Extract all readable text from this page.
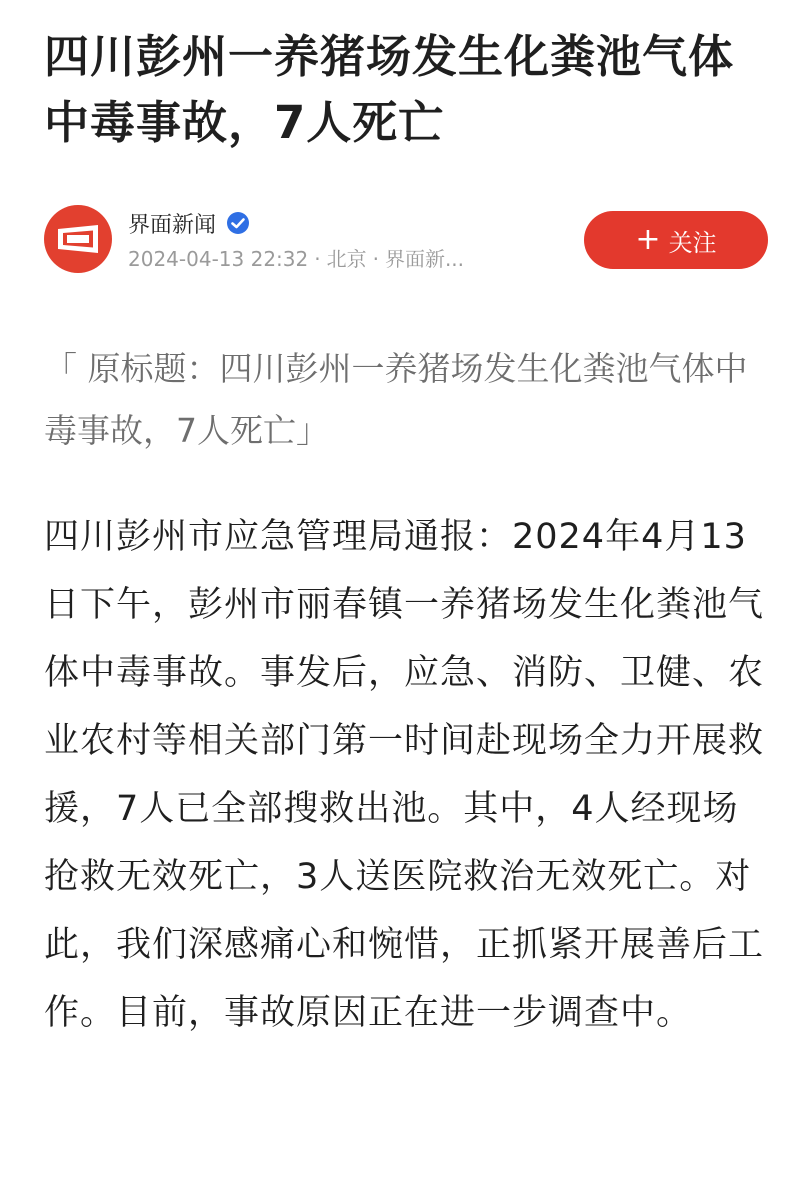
四川彭州一养猪场发生化粪池气体中毒事故，7人死亡
界面新闻
2024-04-13 22:32 · 北京 · 界面新...
+ 关注

「 原标题：四川彭州一养猪场发生化粪池气体中毒事故，7人死亡」

四川彭州市应急管理局通报：2024年4月13日下午，彭州市丽春镇一养猪场发生化粪池气体中毒事故。事发后，应急、消防、卫健、农业农村等相关部门第一时间赴现场全力开展救援，7人已全部搜救出池。其中，4人经现场抢救无效死亡，3人送医院救治无效死亡。对此，我们深感痛心和惋惜，正抓紧开展善后工作。目前，事故原因正在进一步调查中。
